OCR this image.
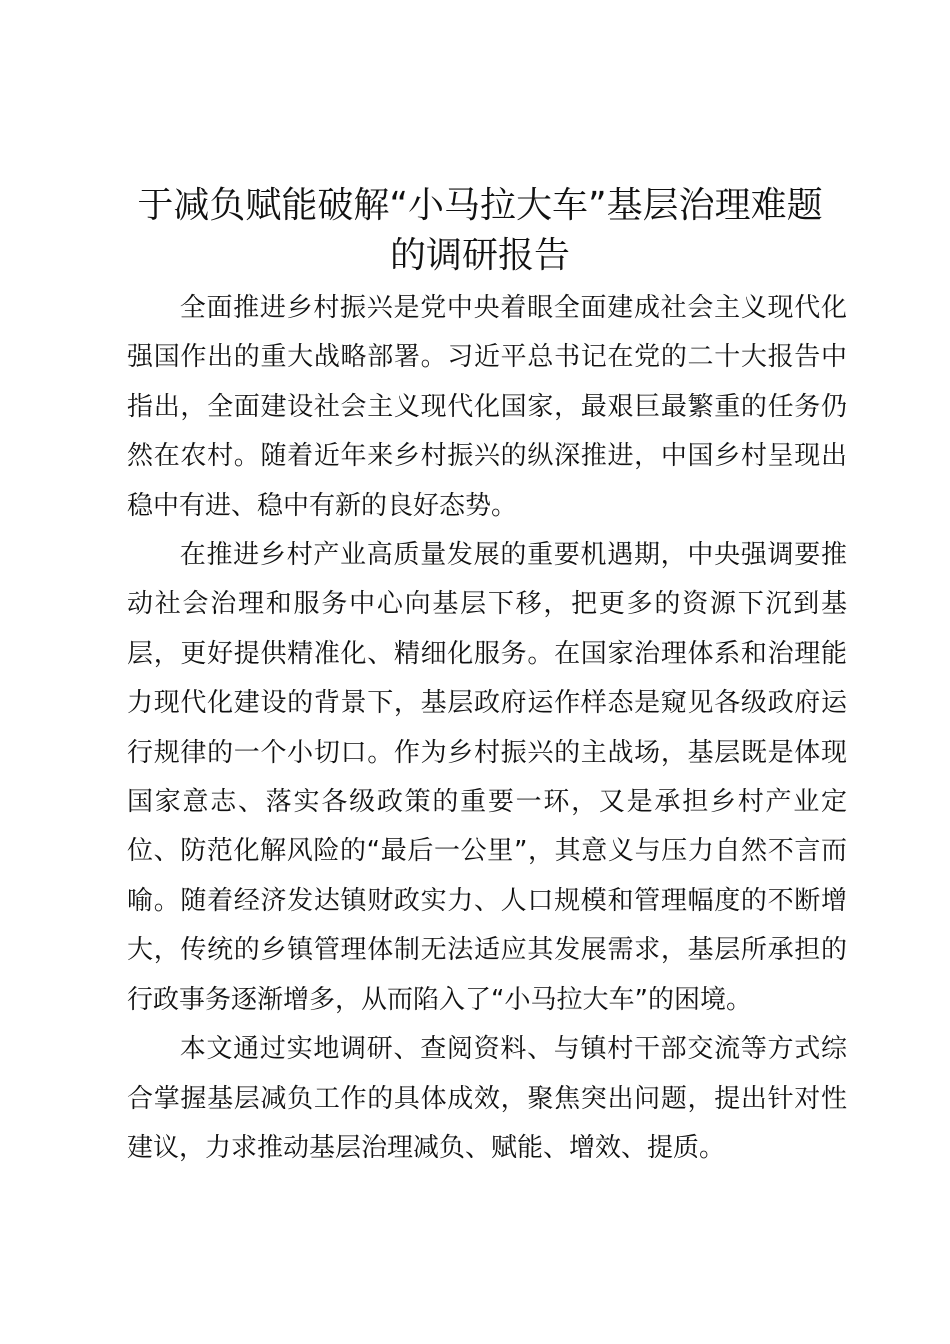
于减负赋能破解“小马拉大车”基层治理难题
的调研报告

全面推进乡村振兴是党中央着眼全面建成社会主义现代化强国作出的重大战略部署。习近平总书记在党的二十大报告中指出，全面建设社会主义现代化国家，最艰巨最繁重的任务仍然在农村。随着近年来乡村振兴的纵深推进，中国乡村呈现出稳中有进、稳中有新的良好态势。

在推进乡村产业高质量发展的重要机遇期，中央强调要推动社会治理和服务中心向基层下移，把更多的资源下沉到基层，更好提供精准化、精细化服务。在国家治理体系和治理能力现代化建设的背景下，基层政府运作样态是窥见各级政府运行规律的一个小切口。作为乡村振兴的主战场，基层既是体现国家意志、落实各级政策的重要一环，又是承担乡村产业定位、防范化解风险的“最后一公里”，其意义与压力自然不言而喻。随着经济发达镇财政实力、人口规模和管理幅度的不断增大，传统的乡镇管理体制无法适应其发展需求，基层所承担的行政事务逐渐增多，从而陷入了“小马拉大车”的困境。

本文通过实地调研、查阅资料、与镇村干部交流等方式综合掌握基层减负工作的具体成效，聚焦突出问题，提出针对性建议，力求推动基层治理减负、赋能、增效、提质。
